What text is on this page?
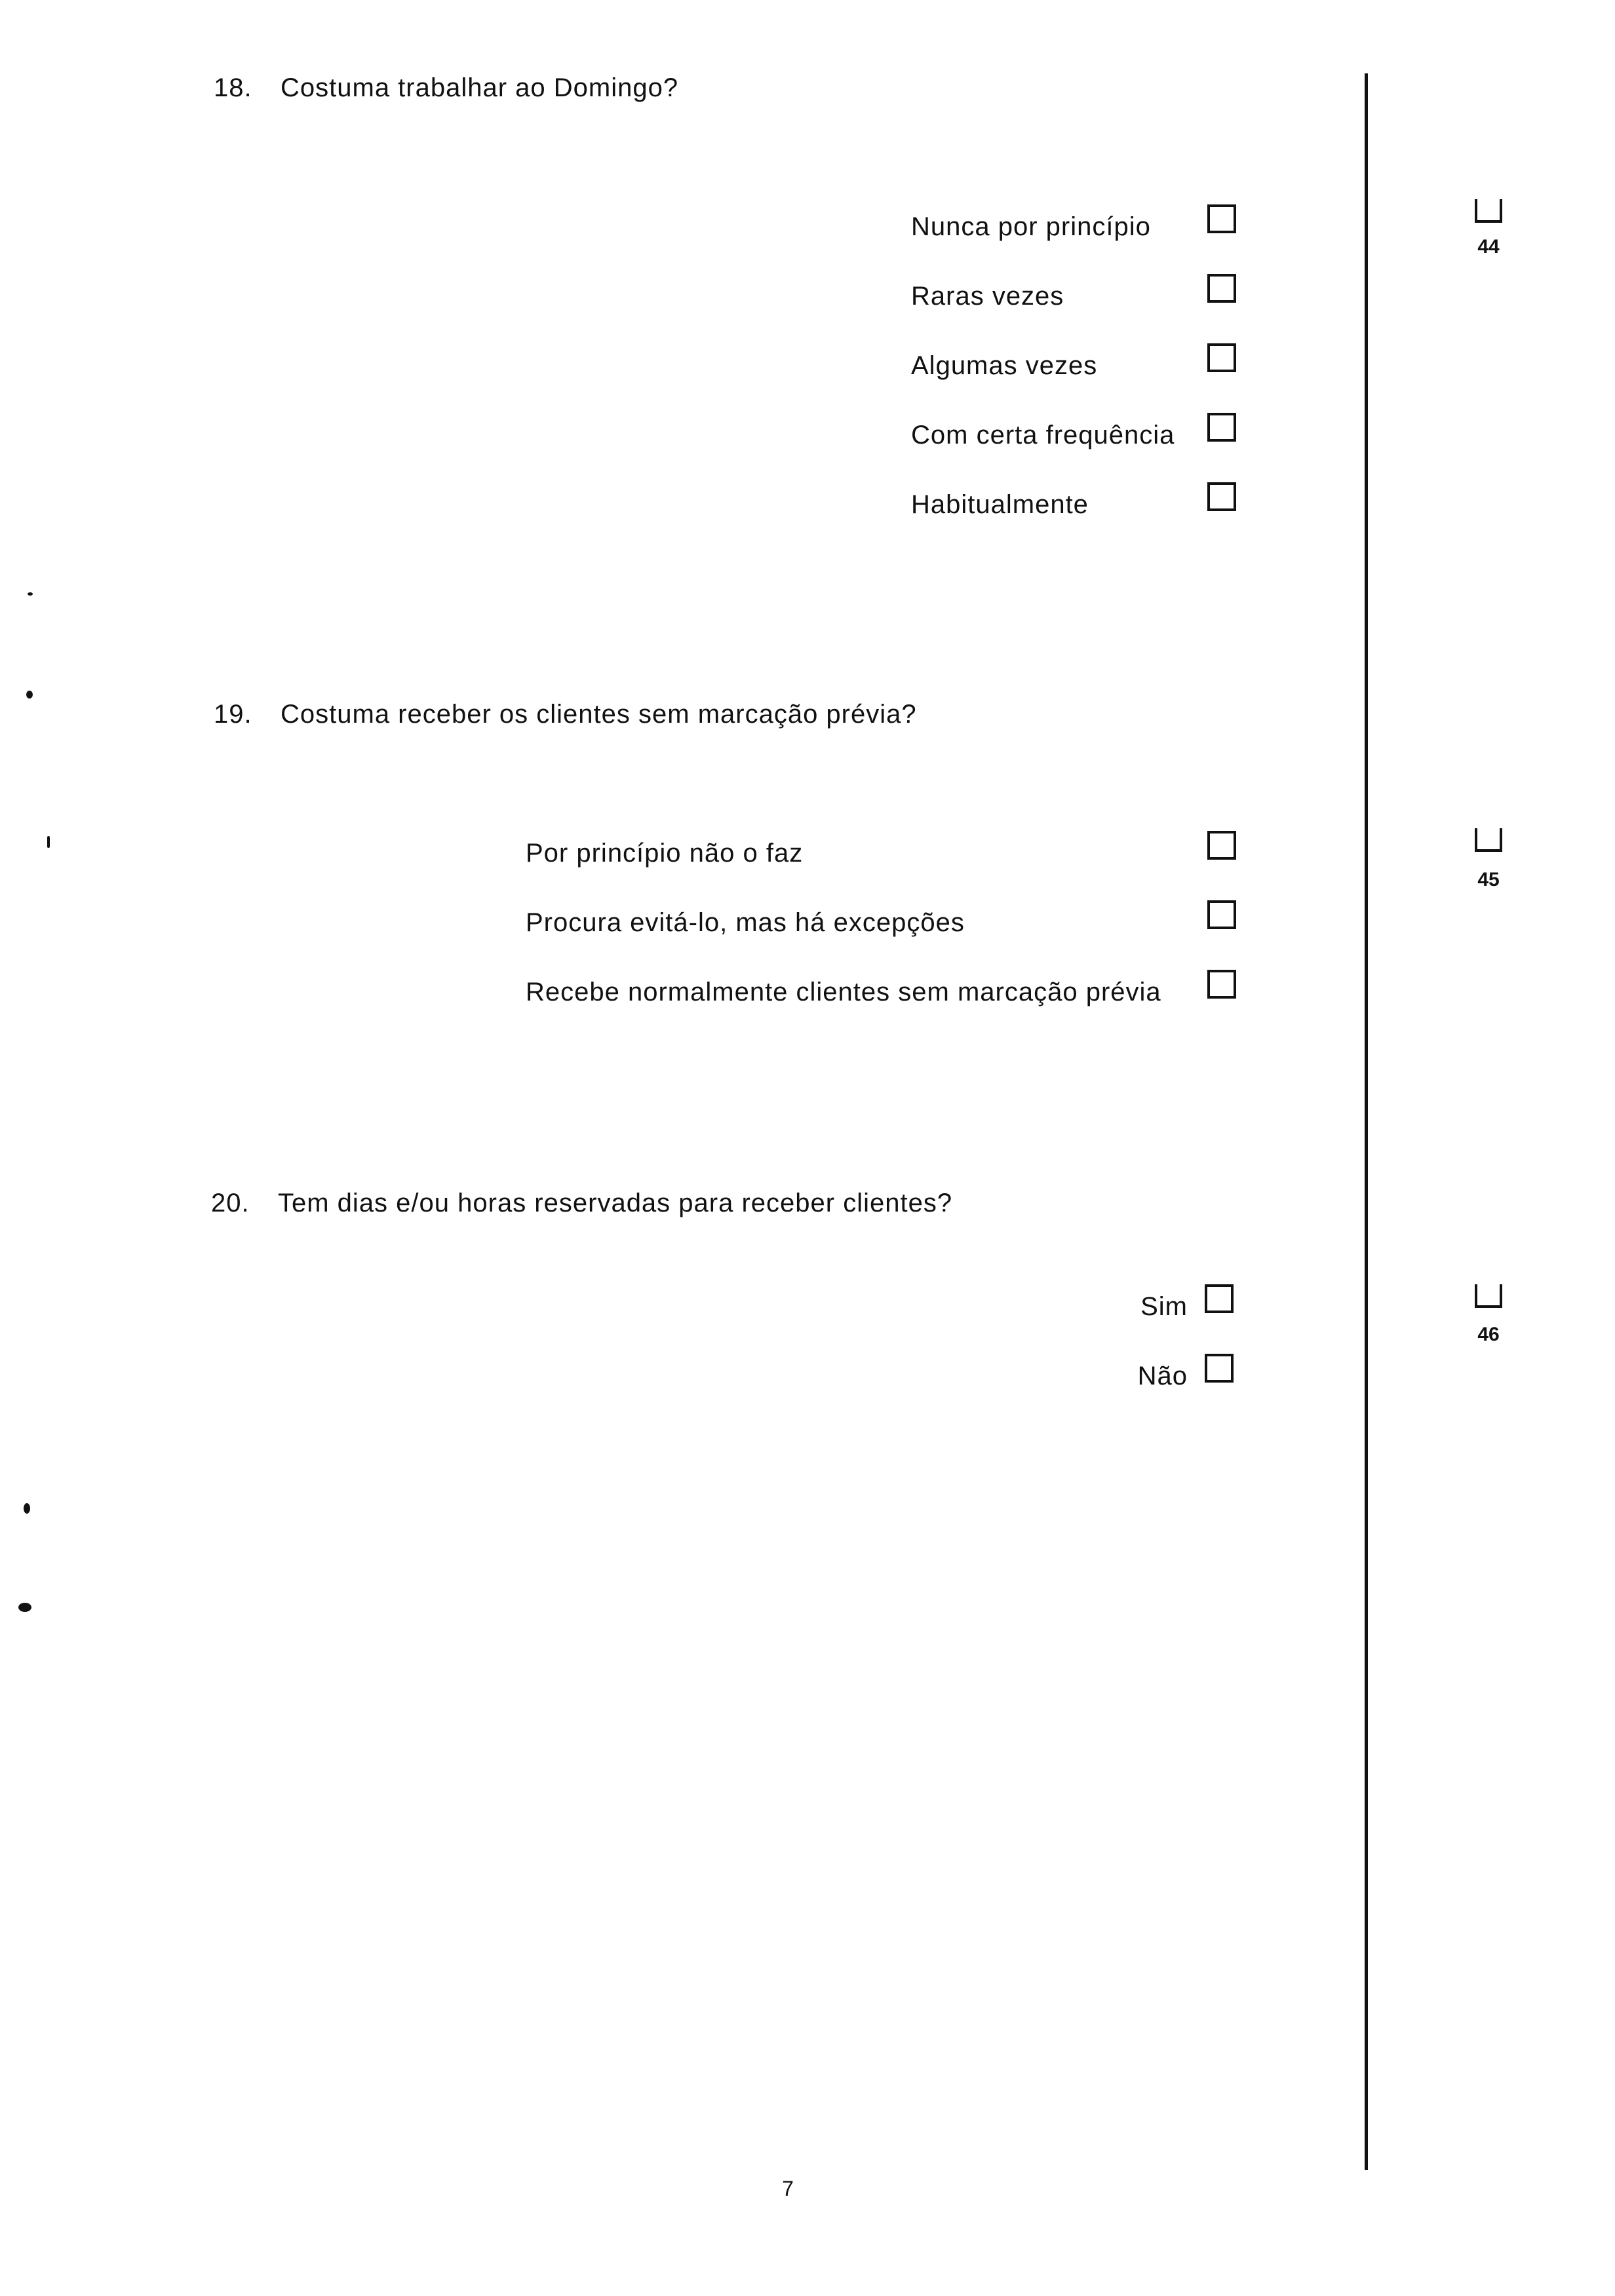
18. Costuma trabalhar ao Domingo?
Nunca por princípio
Raras vezes
Algumas vezes
Com certa frequência
Habitualmente
44
19. Costuma receber os clientes sem marcação prévia?
Por princípio não o faz
Procura evitá-lo, mas há excepções
Recebe normalmente clientes sem marcação prévia
45
20. Tem dias e/ou horas reservadas para receber clientes?
Sim
Não
46
7
